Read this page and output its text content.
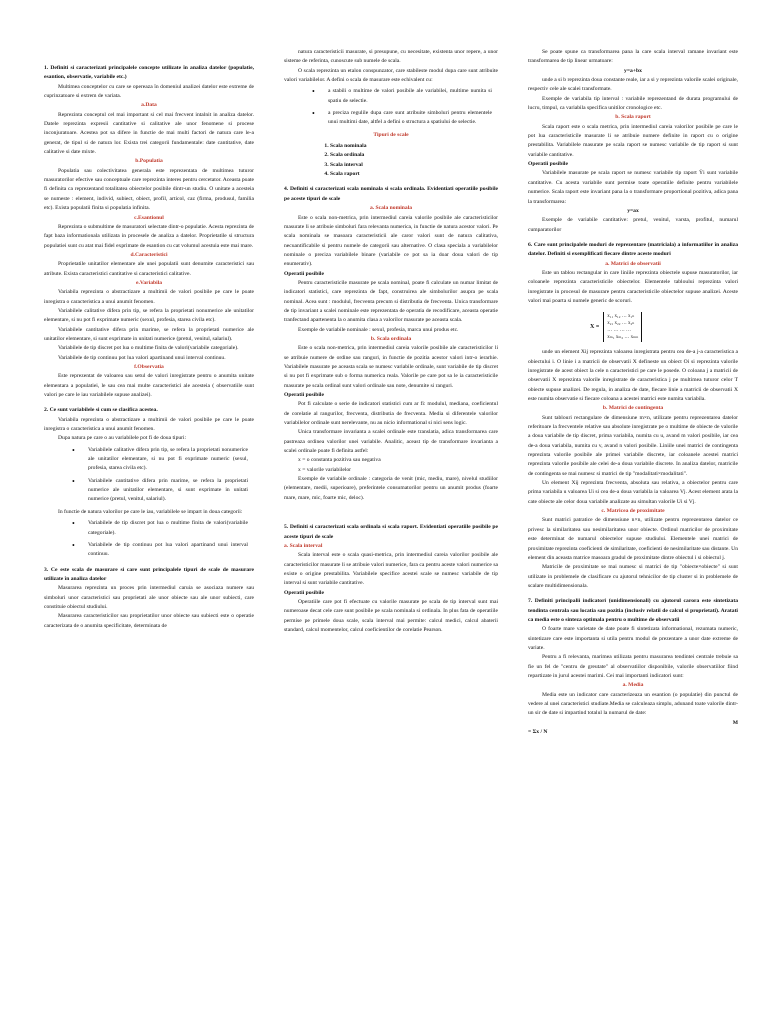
1. Definiti si caracterizati principalele concepte utilizate în analiza datelor (populatie, esantion, observatie, variabile etc.)

Multimea conceptelor cu care se opereaza în domeniul analizei datelor este extreme de cuprinzatoare si extrem de variata.

a.Data

Reprezinta conceptul cel mai important si cel mai frecvent intalnit in analiza datelor. Datele reprezinta expresii cantitative si calitative ale unor fenomene si procese inconjuratoare. Acestea pot sa difere in functie de mai multi factori de natura care le-a generat, de tipul si de natura lor. Exista trei categorii fundamentale: date cantitative, date calitative si date mixte.

b.Populatia

Populatia sau colectivitatea generala este reprezentata de multimea tuturor masuratorilor efective sau conceptuale care reprezinta interes pentru cercetator. Aceasta poate fi definita ca reprezentand totalitatea obiectelor posibile dintr-un studiu. O unitate a acesteia se numeste : element, individ, subiect, obiect, profil, articol, caz (firma, produsul, familia etc). Exista populatii finita si populatia infinita.

c.Esantionul

Reprezinta o submultime de masuratori selectate dintr-o populatie. Acesta reprezinta de fapt baza informationala utilizata in procesele de analiza a datelor. Proprietatile si structura populatiei sunt cu atat mai fidel exprimate de esantion cu cat volumul acestuia este mai mare.

d.Caracteristici

Proprietatile unitatilor elementare ale unei populatii sunt denumite caracteristici sau atribute. Exista caracteristici cantitative si caracteristici calitative.

e.Variabila

Variabila reprezinta o abstractizare a multimii de valori posibile pe care le poate inregistra o caracteristica a unui anumit fenomen.

Variabilele calitative difera prin tip, se refera la proprietati nonumerice ale unitatilor elementare, si nu pot fi exprimate numeric (sexul, profesia, starea civila etc).

Variabilele cantitative difera prin marime, se refera la proprietati numerice ale unitatilor elementare, si sunt exprimate in unitati numerice (pretul, venitul, salariul).

Variabilele de tip discret pot lua o multime finita de valori(variabile categoriale).

Variabilele de tip continuu pot lua valori apartinand unui interval continuu.

f.Observatia

Este reprezentat de valoarea sau setul de valori inregistrate pentru o anumita unitate elementara a populatiei, le sau cea mai multe caracteristici ale acesteia ( observatiile sunt valori pe care le iau variabilele supuse analizei).

2. Ce sunt variabilele si cum se clasifica acestea.

Variabila reprezinta o abstractizare a multimii de valori posibile pe care le poate inregistra o caracteristica a unui anumit fenomen.

Dupa natura pe care o au variabilele pot fi de doua tipuri:

• Variabilele calitative difera prin tip, se refera la proprietati nonumerice ale unitatilor elementare, si nu pot fi exprimate numeric (sexul, profesia, starea civila etc).
• Variabilele cantitative difera prin marime, se refera la proprietati numerice ale unitatilor elementare, si sunt exprimate in unitati numerice (pretul, venitul, salariul).

In functie de natura valorilor pe care le iau, variabilele se impart in doua categorii:

• Variabilele de tip discret pot lua o multime finita de valori(variabile categoriale).
• Variabilele de tip continuu pot lua valori apartinand unui interval continuu.

3. Ce este scala de masurare si care sunt principalele tipuri de scale de masurare utilizate în analiza datelor

Masurarea reprezinta un proces prin intermediul caruia se asociaza numere sau simboluri unor caracteristici sau proprietati ale unor obiecte sau ale unor subiecti, care constituie obiectul studiului.

Masurarea caracteristicilor sau proprietatilor unor obiecte sau subiecti este o operatie caracterizata de o anumita specificitate, determinata de

natura caracteristicii masurate, si presupune, cu necesitate, existenta unor repere, a unor sisteme de referinta, cunoscute sub numele de scala.

O scala reprezinta un etalon conspunzator, care stabileste modul dupa care sunt atribuite valori variabilelor. A defini o scala de masurare este echivalent cu:

• a stabili o multime de valori posibile ale variabilei, multime numita si spatiu de selectie.
• a preciza regulile dupa care sunt atribuite simboluri pentru elementele unui multimi date, altfel a defini o structura a spatiului de selectie.

Tipuri de scale

1. Scala nominala
2. Scala ordinala
3. Scala interval
4. Scala raport

4. Definiti si caracterizati scala nominala si scala ordinala. Evidentiati operatiile posibile pe aceste tipuri de scale

a. Scala nominala

Este o scala non-metrica, prin intermediul careia valorile posibile ale caracteristicilor masurate li se atribuie simboluri fara relevanta numerica, in functie de natura acestor valori. Pe scala nominala se masoara caracteristicii ale caror valori sunt de natura calitativa, necuantificabile si pentru numele de categorii sau alternative. O clasa speciala a variabilelor nominale o preciza variabilele binare (variabile ce pot sa ia doar doua valori de tip enumerativ).

Operatii posibile

Pentru caracteristicile masurate pe scala nominal, poate fi calculate un numar limitat de indicatori statistici, care reprezinta de fapt, construirea ale simbolurilor asupra pe scala nominal. Acea sunt : modulul, frecventa precum si distributia de frecventa. Unica transformare de tip invariant a scalei nominale este reprezentata de operatia de recodificare, aceasta operatie tranfectand apartenenta la o anumita clasa a valorilor masurate pe aceasta scala.

Exemple de variabile nominale : sexul, profesia, marca unui produs etc.

b. Scala ordinala

Este o scala non-metrica, prin intermediul careia valorile posibile ale caracteristicilor li se atribuie numere de ordine sau ranguri, in functie de pozitia acestor valori intr-o ierarhie. Variabilele masurate pe aceasta scala se numesc variabile ordinale, sunt variabile de tip discret si nu pot fi exprimate sub o forma numerica reala. Valorile pe care pot sa le ia caracteristicile masurate pe scala ordinal sunt valori ordinale sau note, denumite si ranguri.

Operatii posibile

Pot fi calculate o serie de indicatori statistici cum ar fi: modulul, mediana, coeficientul de corelatie al rangurilor, frecventa, distributia de frecventa. Media si diferentele valorilor variabilelor ordinale sunt nerelevante, nu au nicio informational si nici sens logic.

Unica transformare invarianta a scalei ordinale este translatia, adica transformarea care pastreaza ordinea valorilor unei variabile. Analitic, aceast tip de transformare invarianta a scalei ordinale poate fi definita astfel:

x = o constanta pozitiva sau negativa

x = valorile variabilelor

Exemple de variabile ordinale : categoria de venit (mic, mediu, mare), nivelul studiilor (elementare, medii, superioare), preferintele consumatorilor pentru un anumit produs (foarte mare, mare, mic, foarte mic, deloc).

5. Definiti si caracterizati scala ordinala si scala raport. Evidentiati operatiile posibile pe aceste tipuri de scale

a. Scala interval

Scala interval este o scala quasi-metrica, prin intermediul careia valorilor posibile ale caracteristicilor masurate li se atribuie valori numerice, fara ca pentru aceste valori numerice sa existe o origine prestabilita. Variabilele specifice acestei scale se numesc variabile de tip interval si sunt variabile cantitative.

Operatii posibile

Operatiile care pot fi efectuate cu valorile masurate pe scala de tip interval sunt mai numeroase decat cele care sunt posibile pe scala nominala si ordinala. In plus fata de operatiile permise pe primele doua scale, scala interval mai permite: calcul medici, calcul abaterii standard, calcul momentelor, calcul coeficientilor de corelatie Pearson.

Se poate spune ca transformarea pana la care scala interval ramane invariant este transformarea de tip linear urmatoare:

y=a+bx

unde a si b reprezinta doua constante reale, iar a si y reprezinta valorile scalei originale, respectiv cele ale scalei transformate.

Exemple de variabila tip interval : variabile reprezentand de durata programului de lucru, timpul, ca variabila specifica unitilor cronologice etc.

b. Scala raport

Scala raport este o scala metrica, prin intermediul careia valorilor posibile pe care le pot lua caracteristicile masurate li se atribuie numere definite in raport cu o origine prestabilita. Variabilele masurate pe scala raport se numesc variabile de tip raport si sunt variabile cantitative.

Operatii posibile

Variabilele masurate pe scala raport se numesc variabile tip raport Ÿi sunt variabile cantitative. Cu acesta variabile sunt permise toate operatiile definite pentru variabilele numerice. Scala raport este invariant pana la o transformare proportional pozitiva, adica pana la transformarea:

y=ax

Exemple de variabile cantitative: pretul, venitul, varsta, profitul, numarul cumparatorilor

6. Care sunt principalele moduri de reprezentare (matriciala) a informatiilor în analiza datelor. Definiti si exemplificati fiecare dintre aceste moduri

a. Matrici de observatii

Este un tablou rectangular in care liniile reprezinta obiectele supuse masuratorilor, iar coloanele reprezinta caracteristicile obiectelor. Elementele tabloului reprezinta valori inregistrate in procesul de masurare pentru caracteristicile obiectelor supuse analizei. Aceste valori mai poarta si numele generic de scoruri.

X =
x₁₁ x₁₂ … x₁ₙ
x₂₁ x₂₂ … x₂ₙ
… … … …
xₘ₁ xₘ₂ … xₘₙ

unde un element Xij reprezinta valoarea inregistrata pentru cea de-a j-a caracteristica a obiectului i. O linie i a matricii de observatii X defineste un obiect Oi si reprezinta valorile inregistrate de acest obiect la cele n caracteristici pe care le posede. O coloana j a matricii de observatii X reprezinta valorile inregistrate de caracteristica j pe multimea tuturor celor T obiecte supuse analizei. De regula, in analiza de date, fiecare linie a matricii de observatii X este numita observatie si fiecare coloana a acestei matrici este numita variabila.

b. Matrici de contingenta

Sunt tablouri rectangulare de dimensiune m×n, utilizate pentru reprezentarea datelor referitoare la frecventele relative sau absolute inregistrate pe o multime de obiecte de valorile a doua variabile de tip discret, prima variabila, numita cu u, avand m valori posibile, iar cea de-a doua variabila, numita cu v, avand n valori posibile. Liniile unei matrici de contingenta reprezinta valorile posibile ale primei variabile discrete, iar coloanele acestei matrici reprezinta valorile posibile ale celei de-a doua variabile discrete. In analiza datelor, matricile de contingenta se mai numesc si matrici de tip "modalitati×modalitati".

Un element Xij reprezinta frecventa, absoluta sau relativa, a obiectelor pentru care prima variabila u valoarea Ui si cea de-a doua variabila ia valoarea Vj. Acest element arata la cate obiecte ale celor doua variabile analizate au simultan valorile Ui si Vj.

c. Matricea de proximitate

Sunt matrici patratice de dimensiune n×n, utilizate pentru reprezentarea datelor ce privesc la similaritatea sau nesimilaritatea unor obiecte. Ordinul matricilor de proximitate este determinat de numarul obiectelor supuse studiului. Elementele unei matrici de proximitate reprezinta coeficienti de similaritate, coeficienti de nesimilaritate sau distante. Un element din aceasta matrice masoara gradul de proximitate dintre obiectul i si obiectul j.

Matricile de proximitate se mai numesc si matrici de tip "obiecte×obiecte" si sunt utilizate in problemele de clasificare cu ajutorul tehnicilor de tip cluster si in problemele de scalare multidimensionala.

7. Definiti principalii indicatori (unidimensionali) cu ajutorul carora este sintetizata tendinta centrala sau locatia sau pozitia (inclusiv relatii de calcul si proprietati). Aratati ca media este o sinteza optimala pentru o multime de observatii

O foarte mare varietate de date poate fi sintetizata informational, rezumata numeric, sintetizare care este importanta si utila pentru modul de prezentare a unor date extreme de variate.

Pentru a fi relevanta, marimea utilizata pentru masurarea tendintei centrale trebuie sa fie un fel de "centru de greutate" al observatiilor disponibile, valorile observatiilor fiind repartizate in jurul acestei marimi. Cei mai importanti indicatori sunt:

a. Media

Media este un indicator care caracterizeaza un esantion (o populatie) din punctul de vedere al unei caracteristici studiate.Media se calculeaza simplu, adunand toate valorile dintr-un sir de date si impartind totalul la numarul de date:

M

= Σx / N
